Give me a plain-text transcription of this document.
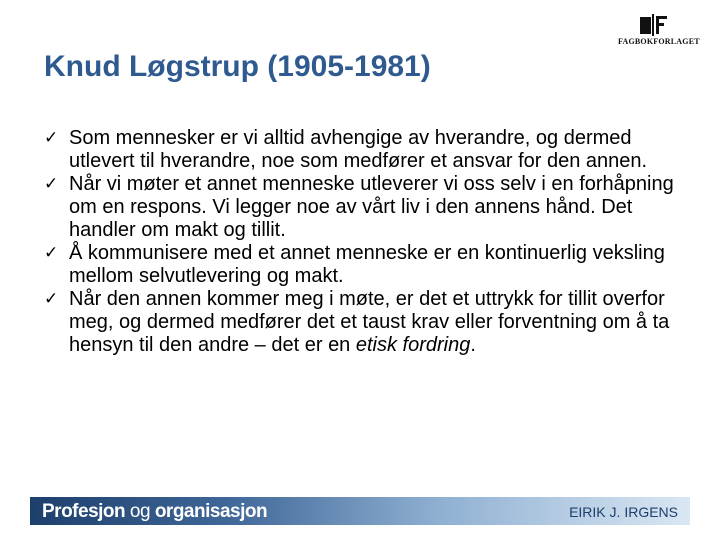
FAGBOKFORLAGET
Knud Løgstrup (1905-1981)
✓ Som mennesker er vi alltid avhengige av hverandre, og dermed utlevert til hverandre, noe som medfører et ansvar for den annen.
✓ Når vi møter et annet menneske utleverer vi oss selv i en forhåpning om en respons. Vi legger noe av vårt liv i den annens hånd. Det handler om makt og tillit.
✓ Å kommunisere med et annet menneske er en kontinuerlig veksling mellom selvutlevering og makt.
✓ Når den annen kommer meg i møte, er det et uttrykk for tillit overfor meg, og dermed medfører det et taust krav eller forventning om å ta hensyn til den andre – det er en etisk fordring.
Profesjon og organisasjon	EIRIK J. IRGENS
